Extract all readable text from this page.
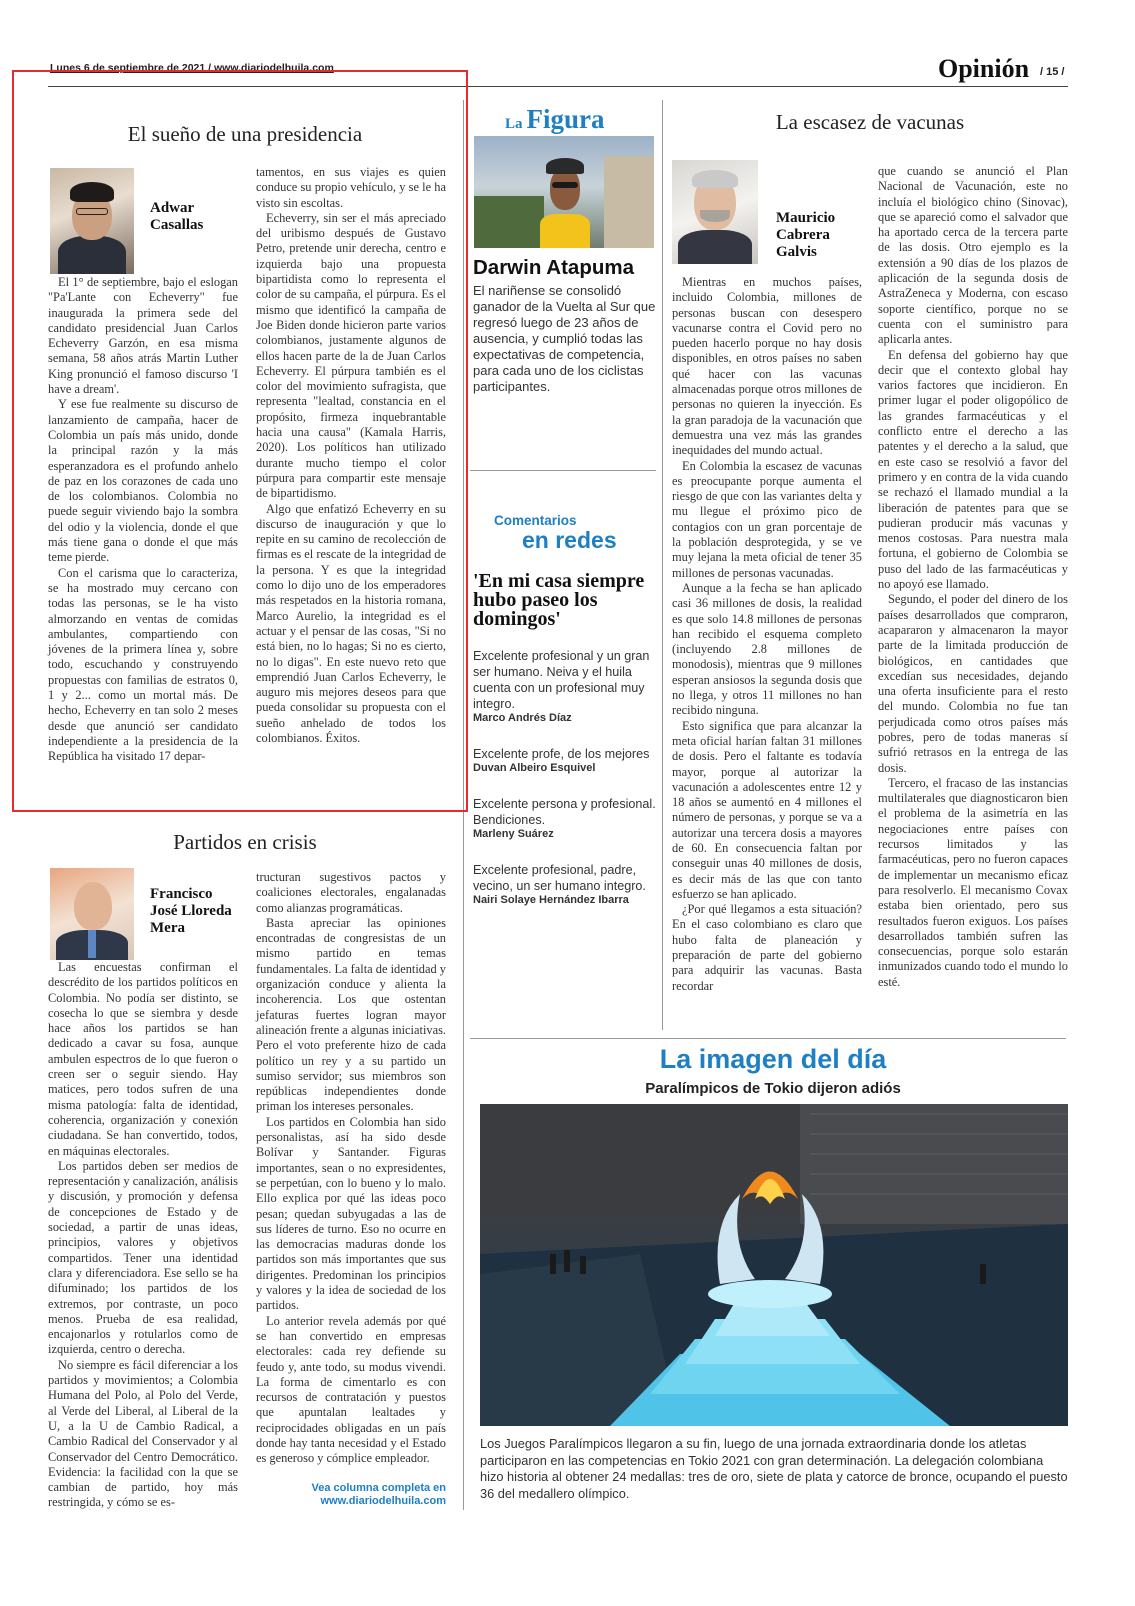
Lunes 6 de septiembre de 2021 / www.diariodelhuila.com	Opinión / 15 /
El sueño de una presidencia
Adwar Casallas

El 1° de septiembre, bajo el eslogan "Pa'Lante con Echeverry" fue inaugurada la primera sede del candidato presidencial Juan Carlos Echeverry Garzón, en esa misma semana, 58 años atrás Martin Luther King pronunció el famoso discurso 'I have a dream'.

Y ese fue realmente su discurso de lanzamiento de campaña, hacer de Colombia un país más unido, donde la principal razón y la más esperanzadora es el profundo anhelo de paz en los corazones de cada uno de los colombianos. Colombia no puede seguir viviendo bajo la sombra del odio y la violencia, donde el que más tiene gana o donde el que más teme pierde.

Con el carisma que lo caracteriza, se ha mostrado muy cercano con todas las personas, se le ha visto almorzando en ventas de comidas ambulantes, compartiendo con jóvenes de la primera línea y, sobre todo, escuchando y construyendo propuestas con familias de estratos 0, 1 y 2... como un mortal más. De hecho, Echeverry en tan solo 2 meses desde que anunció ser candidato independiente a la presidencia de la República ha visitado 17 depar-

tamentos, en sus viajes es quien conduce su propio vehículo, y se le ha visto sin escoltas.

Echeverry, sin ser el más apreciado del uribismo después de Gustavo Petro, pretende unir derecha, centro e izquierda bajo una propuesta bipartidista como lo representa el color de su campaña, el púrpura. Es el mismo que identificó la campaña de Joe Biden donde hicieron parte varios colombianos, justamente algunos de ellos hacen parte de la de Juan Carlos Echeverry. El púrpura también es el color del movimiento sufragista, que representa "lealtad, constancia en el propósito, firmeza inquebrantable hacia una causa" (Kamala Harris, 2020). Los políticos han utilizado durante mucho tiempo el color púrpura para compartir este mensaje de bipartidismo.

Algo que enfatizó Echeverry en su discurso de inauguración y que lo repite en su camino de recolección de firmas es el rescate de la integridad de la persona. Y es que la integridad como lo dijo uno de los emperadores más respetados en la historia romana, Marco Aurelio, la integridad es el actuar y el pensar de las cosas, "Si no está bien, no lo hagas; Si no es cierto, no lo digas". En este nuevo reto que emprendió Juan Carlos Echeverry, le auguro mis mejores deseos para que pueda consolidar su propuesta con el sueño anhelado de todos los colombianos. Éxitos.

Partidos en crisis
Francisco José Lloreda Mera

Las encuestas confirman el descrédito de los partidos políticos en Colombia. No podía ser distinto, se cosecha lo que se siembra y desde hace años los partidos se han dedicado a cavar su fosa, aunque ambulen espectros de lo que fueron o creen ser o seguir siendo. Hay matices, pero todos sufren de una misma patología: falta de identidad, coherencia, organización y conexión ciudadana. Se han convertido, todos, en máquinas electorales.

Los partidos deben ser medios de representación y canalización, análisis y discusión, y promoción y defensa de concepciones de Estado y de sociedad, a partir de unas ideas, principios, valores y objetivos compartidos. Tener una identidad clara y diferenciadora. Ese sello se ha difuminado; los partidos de los extremos, por contraste, un poco menos. Prueba de esa realidad, encajonarlos y rotularlos como de izquierda, centro o derecha.

No siempre es fácil diferenciar a los partidos y movimientos; a Colombia Humana del Polo, al Polo del Verde, al Verde del Liberal, al Liberal de la U, a la U de Cambio Radical, a Cambio Radical del Conservador y al Conservador del Centro Democrático. Evidencia: la facilidad con la que se cambian de partido, hoy más restringida, y cómo se es-

tructuran sugestivos pactos y coaliciones electorales, engalanadas como alianzas programáticas.

Basta apreciar las opiniones encontradas de congresistas de un mismo partido en temas fundamentales. La falta de identidad y organización conduce y alienta la incoherencia. Los que ostentan jefaturas fuertes logran mayor alineación frente a algunas iniciativas. Pero el voto preferente hizo de cada político un rey y a su partido un sumiso servidor; sus miembros son repúblicas independientes donde priman los intereses personales.

Los partidos en Colombia han sido personalistas, así ha sido desde Bolívar y Santander. Figuras importantes, sean o no expresidentes, se perpetúan, con lo bueno y lo malo. Ello explica por qué las ideas poco pesan; quedan subyugadas a las de sus líderes de turno. Eso no ocurre en las democracias maduras donde los partidos son más importantes que sus dirigentes. Predominan los principios y valores y la idea de sociedad de los partidos.

Lo anterior revela además por qué se han convertido en empresas electorales: cada rey defiende su feudo y, ante todo, su modus vivendi. La forma de cimentarlo es con recursos de contratación y puestos que apuntalan lealtades y reciprocidades obligadas en un país donde hay tanta necesidad y el Estado es generoso y cómplice empleador.

Vea columna completa en
www.diariodelhuila.com
La Figura
Darwin Atapuma
El nariñense se consolidó ganador de la Vuelta al Sur que regresó luego de 23 años de ausencia, y cumplió todas las expectativas de competencia, para cada uno de los ciclistas participantes.
Comentarios
en redes
'En mi casa siempre hubo paseo los domingos'
Excelente profesional y un gran ser humano. Neiva y el huila cuenta con un profesional muy integro.
Marco Andrés Díaz
Excelente profe, de los mejores
Duvan Albeiro Esquivel
Excelente persona y profesional. Bendiciones.
Marleny Suárez
Excelente profesional, padre, vecino, un ser humano integro.
Nairi Solaye Hernández Ibarra
La escasez de vacunas
Mauricio Cabrera Galvis

Mientras en muchos países, incluido Colombia, millones de personas buscan con desespero vacunarse contra el Covid pero no pueden hacerlo porque no hay dosis disponibles, en otros países no saben qué hacer con las vacunas almacenadas porque otros millones de personas no quieren la inyección. Es la gran paradoja de la vacunación que demuestra una vez más las grandes inequidades del mundo actual.

En Colombia la escasez de vacunas es preocupante porque aumenta el riesgo de que con las variantes delta y mu llegue el próximo pico de contagios con un gran porcentaje de la población desprotegida, y se ve muy lejana la meta oficial de tener 35 millones de personas vacunadas.

Aunque a la fecha se han aplicado casi 36 millones de dosis, la realidad es que solo 14.8 millones de personas han recibido el esquema completo (incluyendo 2.8 millones de monodosis), mientras que 9 millones esperan ansiosos la segunda dosis que no llega, y otros 11 millones no han recibido ninguna.

Esto significa que para alcanzar la meta oficial harían faltan 31 millones de dosis. Pero el faltante es todavía mayor, porque al autorizar la vacunación a adolescentes entre 12 y 18 años se aumentó en 4 millones el número de personas, y porque se va a autorizar una tercera dosis a mayores de 60. En consecuencia faltan por conseguir unas 40 millones de dosis, es decir más de las que con tanto esfuerzo se han aplicado.

¿Por qué llegamos a esta situación? En el caso colombiano es claro que hubo falta de planeación y preparación de parte del gobierno para adquirir las vacunas. Basta recordar

que cuando se anunció el Plan Nacional de Vacunación, este no incluía el biológico chino (Sinovac), que se apareció como el salvador que ha aportado cerca de la tercera parte de las dosis. Otro ejemplo es la extensión a 90 días de los plazos de aplicación de la segunda dosis de AstraZeneca y Moderna, con escaso soporte científico, porque no se cuenta con el suministro para aplicarla antes.

En defensa del gobierno hay que decir que el contexto global hay varios factores que incidieron. En primer lugar el poder oligopólico de las grandes farmacéuticas y el conflicto entre el derecho a las patentes y el derecho a la salud, que en este caso se resolvió a favor del primero y en contra de la vida cuando se rechazó el llamado mundial a la liberación de patentes para que se pudieran producir más vacunas y menos costosas. Para nuestra mala fortuna, el gobierno de Colombia se puso del lado de las farmacéuticas y no apoyó ese llamado.

Segundo, el poder del dinero de los países desarrollados que compraron, acapararon y almacenaron la mayor parte de la limitada producción de biológicos, en cantidades que excedían sus necesidades, dejando una oferta insuficiente para el resto del mundo. Colombia no fue tan perjudicada como otros países más pobres, pero de todas maneras sí sufrió retrasos en la entrega de las dosis.

Tercero, el fracaso de las instancias multilaterales que diagnosticaron bien el problema de la asimetría en las negociaciones entre países con recursos limitados y las farmacéuticas, pero no fueron capaces de implementar un mecanismo eficaz para resolverlo. El mecanismo Covax estaba bien orientado, pero sus resultados fueron exiguos. Los países desarrollados también sufren las consecuencias, porque solo estarán inmunizados cuando todo el mundo lo esté.

La imagen del día
Paralímpicos de Tokio dijeron adiós
Los Juegos Paralímpicos llegaron a su fin, luego de una jornada extraordinaria donde los atletas participaron en las competencias en Tokio 2021 con gran determinación. La delegación colombiana hizo historia al obtener 24 medallas: tres de oro, siete de plata y catorce de bronce, ocupando el puesto 36 del medallero olímpico.
